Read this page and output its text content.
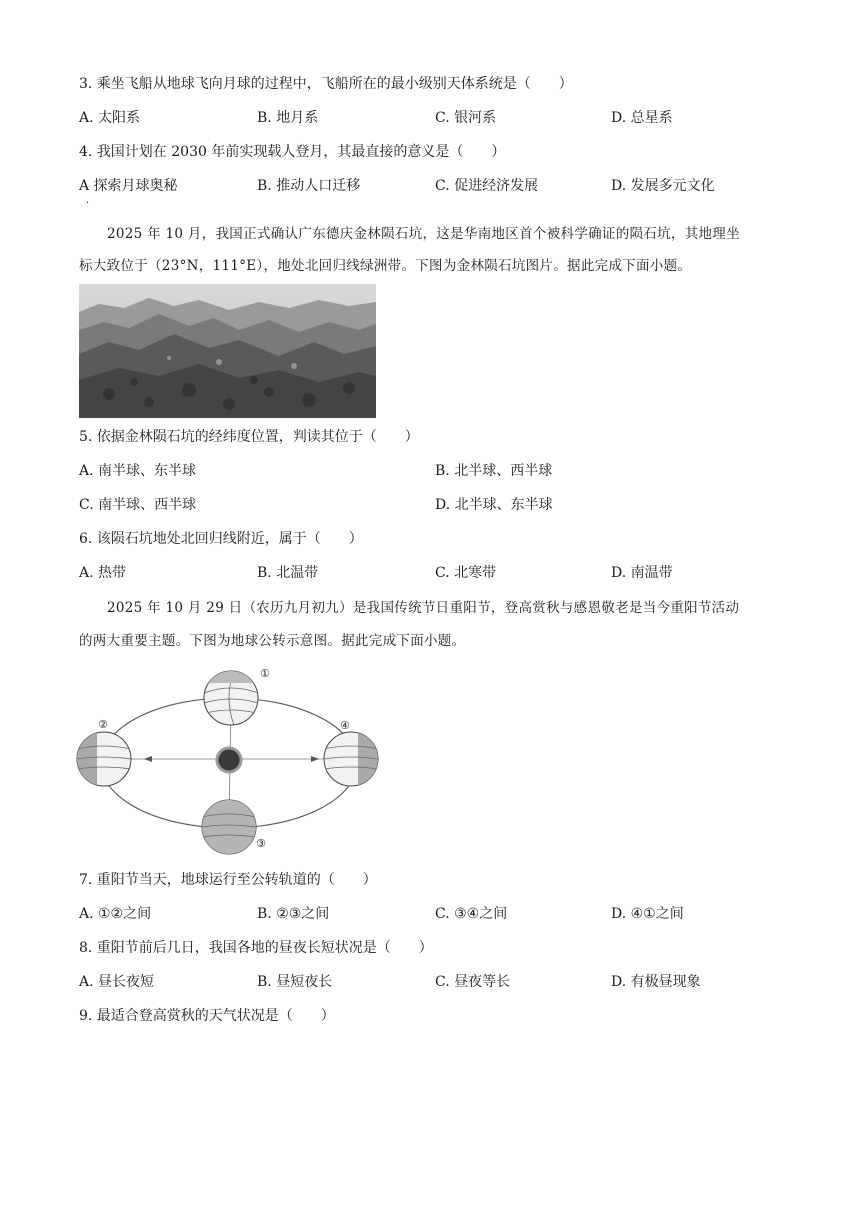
3. 乘坐飞船从地球飞向月球的过程中，飞船所在的最小级别天体系统是（　　）
A. 太阳系	B. 地月系	C. 银河系	D. 总星系
4. 我国计划在 2030 年前实现载人登月，其最直接的意义是（　　）
A 探索月球奥秘	B. 推动人口迁移	C. 促进经济发展	D. 发展多元文化
·
2025 年 10 月，我国正式确认广东德庆金林陨石坑，这是华南地区首个被科学确证的陨石坑，其地理坐
标大致位于（23°N，111°E），地处北回归线绿洲带。下图为金林陨石坑图片。据此完成下面小题。
5. 依据金林陨石坑的经纬度位置，判读其位于（　　）
A. 南半球、东半球	B. 北半球、西半球
C. 南半球、西半球	D. 北半球、东半球
6. 该陨石坑地处北回归线附近，属于（　　）
A. 热带	B. 北温带	C. 北寒带	D. 南温带
2025 年 10 月 29 日（农历九月初九）是我国传统节日重阳节，登高赏秋与感恩敬老是当今重阳节活动
的两大重要主题。下图为地球公转示意图。据此完成下面小题。
①
②
③
④
7. 重阳节当天，地球运行至公转轨道的（　　）
A. ①②之间	B. ②③之间	C. ③④之间	D. ④①之间
8. 重阳节前后几日，我国各地的昼夜长短状况是（　　）
A. 昼长夜短	B. 昼短夜长	C. 昼夜等长	D. 有极昼现象
9. 最适合登高赏秋的天气状况是（　　）
